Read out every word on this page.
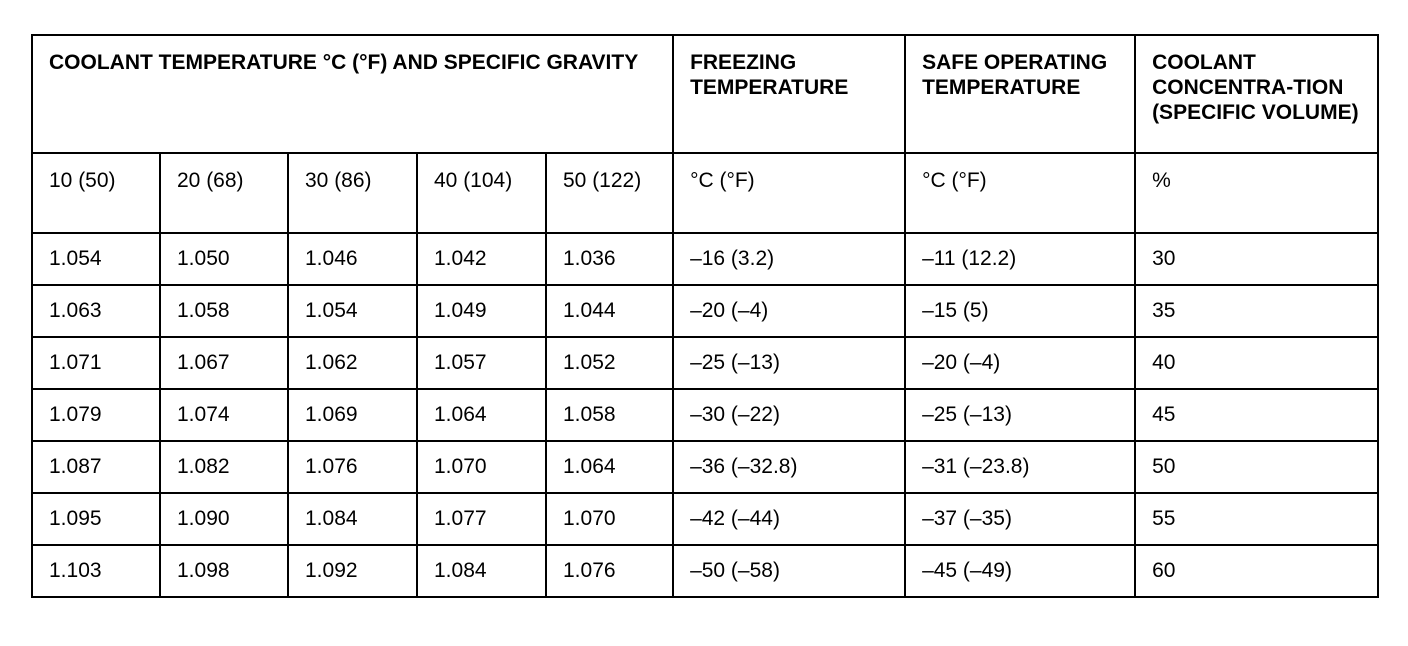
COOLANT TEMPERATURE °C (°F) AND SPECIFIC GRAVITY					FREEZING TEMPERATURE	SAFE OPERATING TEMPERATURE	COOLANT CONCENTRA-TION (SPECIFIC VOLUME)
10 (50)	20 (68)	30 (86)	40 (104)	50 (122)	°C (°F)	°C (°F)	%
1.054	1.050	1.046	1.042	1.036	–16 (3.2)	–11 (12.2)	30
1.063	1.058	1.054	1.049	1.044	–20 (–4)	–15 (5)	35
1.071	1.067	1.062	1.057	1.052	–25 (–13)	–20 (–4)	40
1.079	1.074	1.069	1.064	1.058	–30 (–22)	–25 (–13)	45
1.087	1.082	1.076	1.070	1.064	–36 (–32.8)	–31 (–23.8)	50
1.095	1.090	1.084	1.077	1.070	–42 (–44)	–37 (–35)	55
1.103	1.098	1.092	1.084	1.076	–50 (–58)	–45 (–49)	60
